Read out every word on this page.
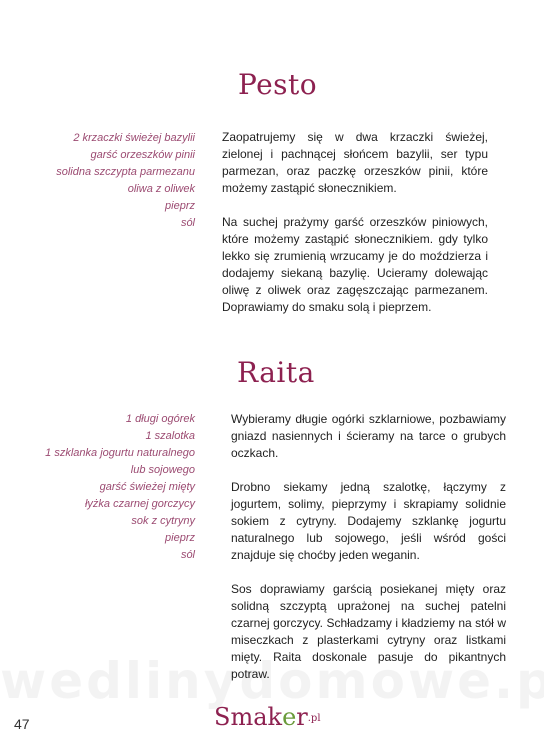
Pesto
2 krzaczki świeżej bazylii
garść orzeszków pinii
solidna szczypta parmezanu
oliwa z oliwek
pieprz
sól

Zaopatrujemy się w dwa krzaczki świeżej, zielonej i pachnącej słońcem bazylii, ser typu parmezan, oraz paczkę orzeszków pinii, które możemy zastąpić słonecznikiem.

Na suchej prażymy garść orzeszków piniowych, które możemy zastąpić słonecznikiem. gdy tylko lekko się zrumienią wrzucamy je do moździerza i dodajemy siekaną bazylię. Ucieramy dolewając oliwę z oliwek oraz zagęszczając parmezanem. Doprawiamy do smaku solą i pieprzem.

Raita
1 długi ogórek
1 szalotka
1 szklanka jogurtu naturalnego
lub sojowego
garść świeżej mięty
łyżka czarnej gorczycy
sok z cytryny
pieprz
sól

Wybieramy długie ogórki szklarniowe, pozbawiamy gniazd nasiennych i ścieramy na tarce o grubych oczkach.

Drobno siekamy jedną szalotkę, łączymy z jogurtem, solimy, pieprzymy i skrapiamy solidnie sokiem z cytryny. Dodajemy szklankę jogurtu naturalnego lub sojowego, jeśli wśród gości znajduje się choćby jeden weganin.

Sos doprawiamy garścią posiekanej mięty oraz solidną szczyptą uprażonej na suchej patelni czarnej gorczycy. Schładzamy i kładziemy na stół w miseczkach z plasterkami cytryny oraz listkami mięty. Raita doskonale pasuje do pikantnych potraw.

47	Smaker$^{.pl}$
